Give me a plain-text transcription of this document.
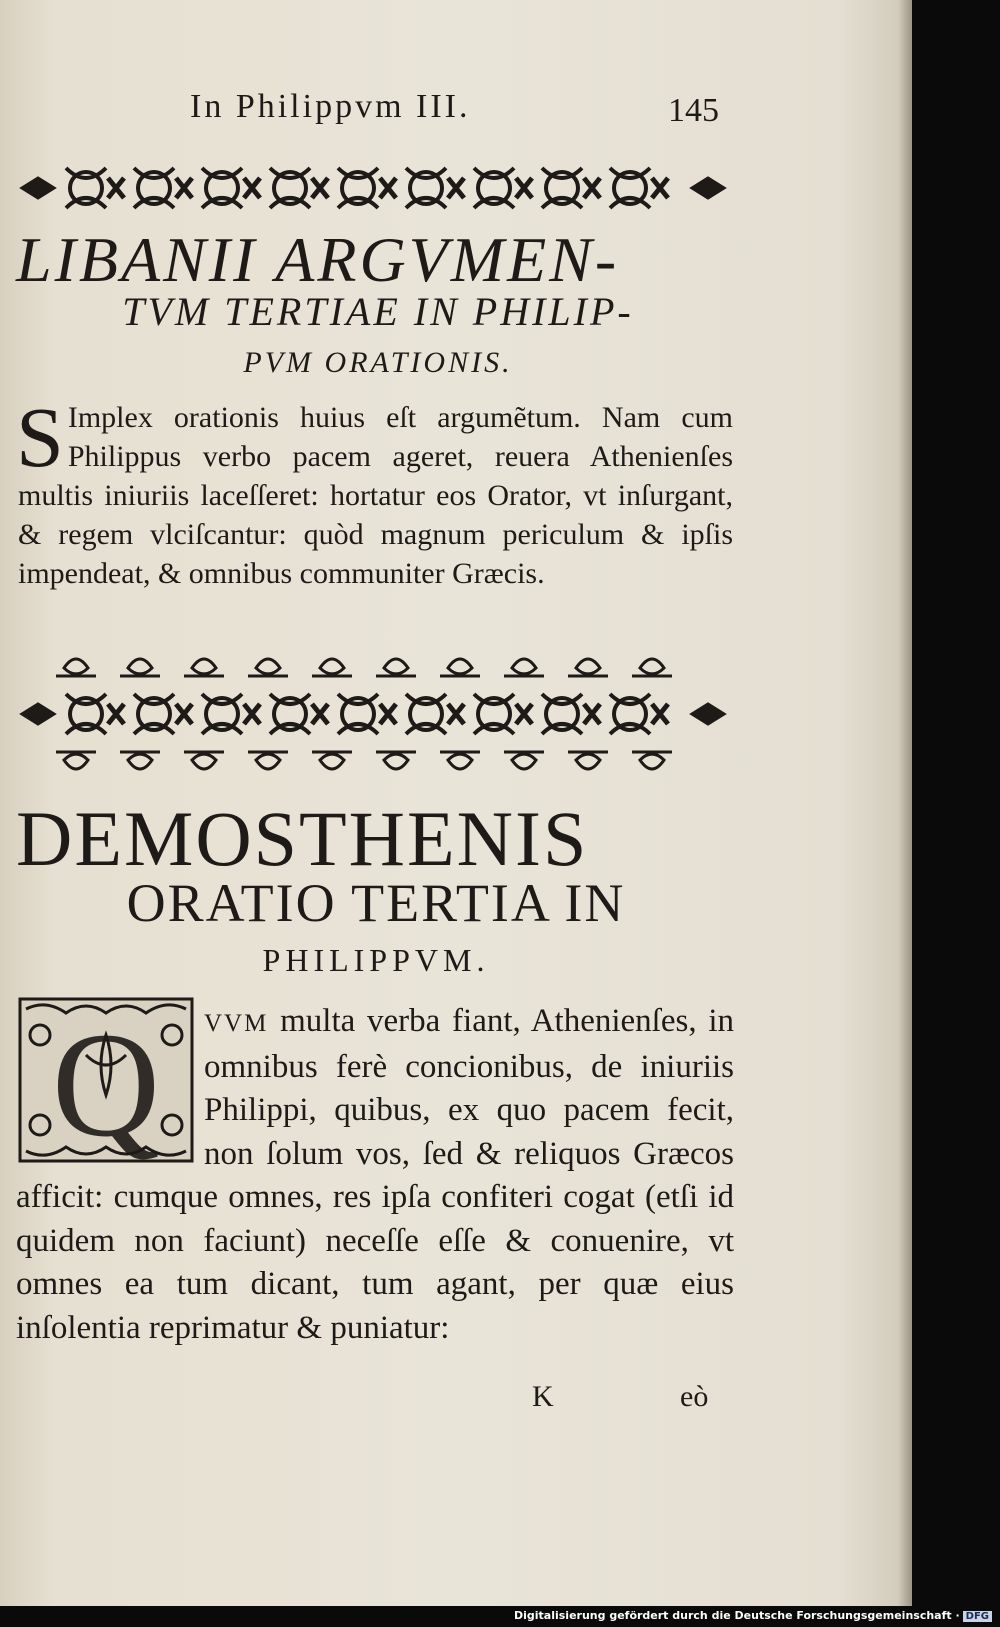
In Philippvm III.	145
LIBANII ARGVMEN-
TVM TERTIAE IN PHILIP-
PVM ORATIONIS.
S Implex orationis huius eſt argumẽtum. Nam cum Philippus verbo pacem ageret, reuera Athenienſes multis iniuriis laceſſeret: hortatur eos Orator, vt inſurgant, & regem vlciſcantur: quòd magnum periculum & ipſis impendeat, & omnibus communiter Græcis.
DEMOSTHENIS
ORATIO TERTIA IN
PHILIPPVM.
Q	VVM multa verba fiant, Athenienſes, in omnibus ferè concionibus, de iniuriis Philippi, quibus, ex quo pacem fecit, non ſolum vos, ſed & reliquos Græcos afficit: cumque omnes, res ipſa confiteri cogat (etſi id quidem non faciunt) neceſſe eſſe & conuenire, vt omnes ea tum dicant, tum agant, per quæ eius inſolentia reprimatur & puniatur:
K	eò
Digitalisierung gefördert durch die Deutsche Forschungsgemeinschaft · DFG
